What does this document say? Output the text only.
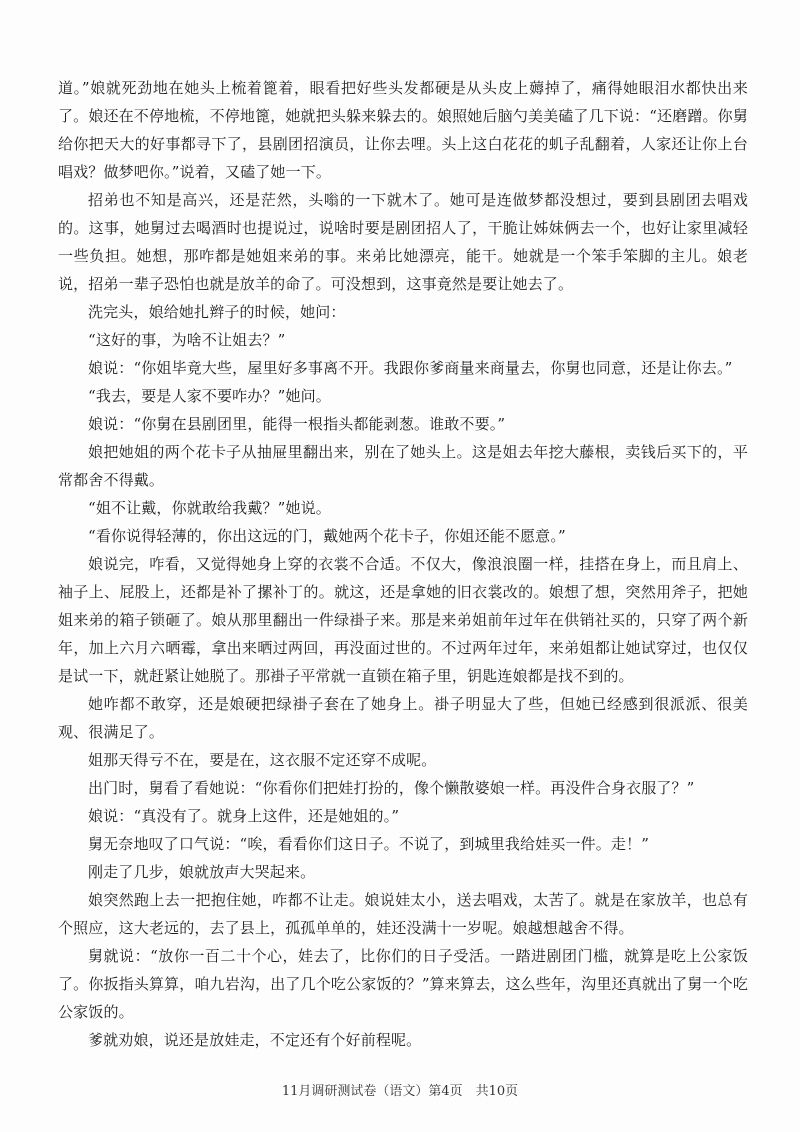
道。”娘就死劲地在她头上梳着篦着，眼看把好些头发都硬是从头皮上薅掉了，痛得她眼泪水都快出来了。娘还在不停地梳，不停地篦，她就把头躲来躲去的。娘照她后脑勺美美磕了几下说：“还磨蹭。你舅给你把天大的好事都寻下了，县剧团招演员，让你去哩。头上这白花花的虮子乱翻着，人家还让你上台唱戏？做梦吧你。”说着，又磕了她一下。

招弟也不知是高兴，还是茫然，头嗡的一下就木了。她可是连做梦都没想过，要到县剧团去唱戏的。这事，她舅过去喝酒时也提说过，说啥时要是剧团招人了，干脆让姊妹俩去一个，也好让家里减轻一些负担。她想，那咋都是她姐来弟的事。来弟比她漂亮，能干。她就是一个笨手笨脚的主儿。娘老说，招弟一辈子恐怕也就是放羊的命了。可没想到，这事竟然是要让她去了。

洗完头，娘给她扎辫子的时候，她问：

“这好的事，为啥不让姐去？”

娘说：“你姐毕竟大些，屋里好多事离不开。我跟你爹商量来商量去，你舅也同意，还是让你去。”

“我去，要是人家不要咋办？”她问。

娘说：“你舅在县剧团里，能得一根指头都能剥葱。谁敢不要。”

娘把她姐的两个花卡子从抽屉里翻出来，别在了她头上。这是姐去年挖大藤根，卖钱后买下的，平常都舍不得戴。

“姐不让戴，你就敢给我戴？”她说。

“看你说得轻薄的，你出这远的门，戴她两个花卡子，你姐还能不愿意。”

娘说完，咋看，又觉得她身上穿的衣裳不合适。不仅大，像浪浪圈一样，挂搭在身上，而且肩上、袖子上、屁股上，还都是补了摞补丁的。就这，还是拿她的旧衣裳改的。娘想了想，突然用斧子，把她姐来弟的箱子锁砸了。娘从那里翻出一件绿褂子来。那是来弟姐前年过年在供销社买的，只穿了两个新年，加上六月六晒霉，拿出来晒过两回，再没面过世的。不过两年过年，来弟姐都让她试穿过，也仅仅是试一下，就赶紧让她脱了。那褂子平常就一直锁在箱子里，钥匙连娘都是找不到的。

她咋都不敢穿，还是娘硬把绿褂子套在了她身上。褂子明显大了些，但她已经感到很派派、很美观、很满足了。

姐那天得亏不在，要是在，这衣服不定还穿不成呢。

出门时，舅看了看她说：“你看你们把娃打扮的，像个懒散婆娘一样。再没件合身衣服了？”

娘说：“真没有了。就身上这件，还是她姐的。”

舅无奈地叹了口气说：“唉，看看你们这日子。不说了，到城里我给娃买一件。走！”

刚走了几步，娘就放声大哭起来。

娘突然跑上去一把抱住她，咋都不让走。娘说娃太小，送去唱戏，太苦了。就是在家放羊，也总有个照应，这大老远的，去了县上，孤孤单单的，娃还没满十一岁呢。娘越想越舍不得。

舅就说：“放你一百二十个心，娃去了，比你们的日子受活。一踏进剧团门槛，就算是吃上公家饭了。你扳指头算算，咱九岩沟，出了几个吃公家饭的？”算来算去，这么些年，沟里还真就出了舅一个吃公家饭的。

爹就劝娘，说还是放娃走，不定还有个好前程呢。

11月调研测试卷（语文）第4页　共10页
